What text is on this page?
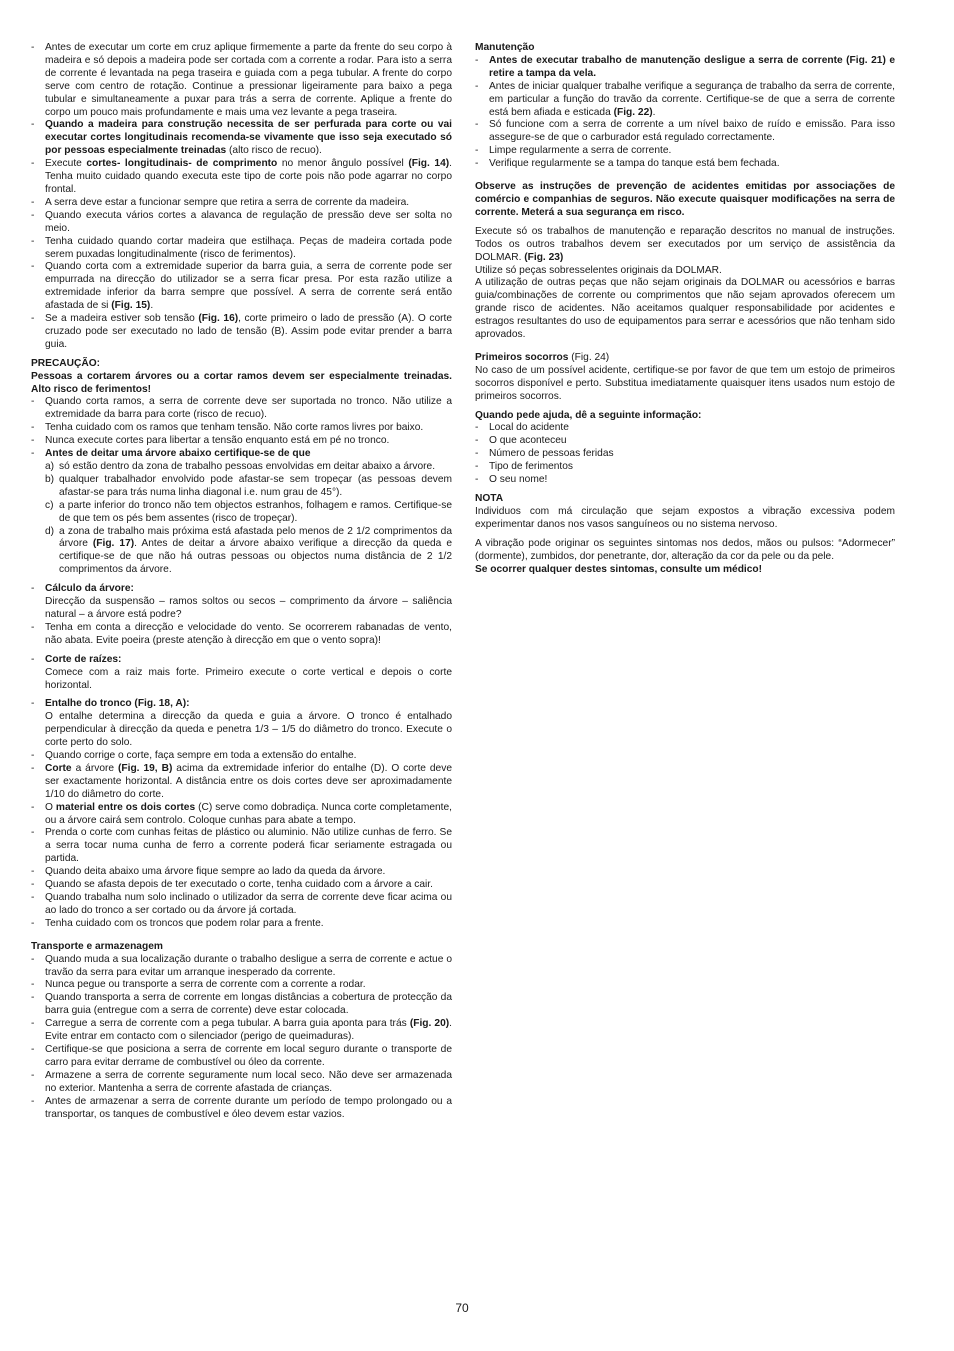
-	Antes de executar um corte em cruz aplique firmemente a parte da frente do seu corpo à madeira e só depois a madeira pode ser cortada com a corrente a rodar. Para isto a serra de corrente é levantada na pega traseira e guiada com a pega tubular. A frente do corpo serve com centro de rotação. Continue a pressionar ligeiramente para baixo a pega tubular e simultaneamente a puxar para trás a serra de corrente. Aplique a frente do corpo um pouco mais profundamente e mais uma vez levante a pega traseira.
-	Quando a madeira para construção necessita de ser perfurada para corte ou vai executar cortes longitudinais recomenda-se vivamente que isso seja executado só por pessoas especialmente treinadas (alto risco de recuo).
-	Execute cortes- longitudinais- de comprimento no menor ângulo possível (Fig. 14). Tenha muito cuidado quando executa este tipo de corte pois não pode agarrar no corpo frontal.
-	A serra deve estar a funcionar sempre que retira a serra de corrente da madeira.
-	Quando executa vários cortes a alavanca de regulação de pressão deve ser solta no meio.
-	Tenha cuidado quando cortar madeira que estilhaça. Peças de madeira cortada pode serem puxadas longitudinalmente (risco de ferimentos).
-	Quando corta com a extremidade superior da barra guia, a serra de corrente pode ser empurrada na direcção do utilizador se a serra ficar presa. Por esta razão utilize a extremidade inferior da barra sempre que possível. A serra de corrente será então afastada de si (Fig. 15).
-	Se a madeira estiver sob tensão (Fig. 16), corte primeiro o lado de pressão (A). O corte cruzado pode ser executado no lado de tensão (B). Assim pode evitar prender a barra guia.
PRECAUÇÃO:
Pessoas a cortarem árvores ou a cortar ramos devem ser especialmente treinadas. Alto risco de ferimentos!
-	Quando corta ramos, a serra de corrente deve ser suportada no tronco. Não utilize a extremidade da barra para corte (risco de recuo).
-	Tenha cuidado com os ramos que tenham tensão. Não corte ramos livres por baixo.
-	Nunca execute cortes para libertar a tensão enquanto está em pé no tronco.
-	Antes de deitar uma árvore abaixo certifique-se de que
a) só estão dentro da zona de trabalho pessoas envolvidas em deitar abaixo a árvore.
b) qualquer trabalhador envolvido pode afastar-se sem tropeçar (as pessoas devem afastar-se para trás numa linha diagonal i.e. num grau de 45°).
c) a parte inferior do tronco não tem objectos estranhos, folhagem e ramos. Certifique-se de que tem os pés bem assentes (risco de tropeçar).
d) a zona de trabalho mais próxima está afastada pelo menos de 2 1/2 comprimentos da árvore (Fig. 17). Antes de deitar a árvore abaixo verifique a direcção da queda e certifique-se de que não há outras pessoas ou objectos numa distância de 2 1/2 comprimentos da árvore.
-	Cálculo da árvore:
Direcção da suspensão – ramos soltos ou secos – comprimento da árvore – saliência natural – a árvore está podre?
-	Tenha em conta a direcção e velocidade do vento. Se ocorrerem rabanadas de vento, não abata. Evite poeira (preste atenção à direcção em que o vento sopra)!
-	Corte de raízes:
Comece com a raiz mais forte. Primeiro execute o corte vertical e depois o corte horizontal.
-	Entalhe do tronco (Fig. 18, A):
O entalhe determina a direcção da queda e guia a árvore. O tronco é entalhado perpendicular à direcção da queda e penetra 1/3 – 1/5 do diâmetro do tronco. Execute o corte perto do solo.
-	Quando corrige o corte, faça sempre em toda a extensão do entalhe.
-	Corte a árvore (Fig. 19, B) acima da extremidade inferior do entalhe (D). O corte deve ser exactamente horizontal. A distância entre os dois cortes deve ser aproximadamente 1/10 do diâmetro do corte.
-	O material entre os dois cortes (C) serve como dobradiça. Nunca corte completamente, ou a árvore cairá sem controlo. Coloque cunhas para abate a tempo.
-	Prenda o corte com cunhas feitas de plástico ou aluminio. Não utilize cunhas de ferro. Se a serra tocar numa cunha de ferro a corrente poderá ficar seriamente estragada ou partida.
-	Quando deita abaixo uma árvore fique sempre ao lado da queda da árvore.
-	Quando se afasta depois de ter executado o corte, tenha cuidado com a árvore a cair.
-	Quando trabalha num solo inclinado o utilizador da serra de corrente deve ficar acima ou ao lado do tronco a ser cortado ou da árvore já cortada.
-	Tenha cuidado com os troncos que podem rolar para a frente.
Transporte e armazenagem
-	Quando muda a sua localização durante o trabalho desligue a serra de corrente e actue o travão da serra para evitar um arranque inesperado da corrente.
-	Nunca pegue ou transporte a serra de corrente com a corrente a rodar.
-	Quando transporta a serra de corrente em longas distâncias a cobertura de protecção da barra guia (entregue com a serra de corrente) deve estar colocada.
-	Carregue a serra de corrente com a pega tubular. A barra guia aponta para trás (Fig. 20). Evite entrar em contacto com o silenciador (perigo de queimaduras).
-	Certifique-se que posiciona a serra de corrente em local seguro durante o transporte de carro para evitar derrame de combustível ou óleo da corrente.
-	Armazene a serra de corrente seguramente num local seco. Não deve ser armazenada no exterior. Mantenha a serra de corrente afastada de crianças.
-	Antes de armazenar a serra de corrente durante um período de tempo prolongado ou a transportar, os tanques de combustível e óleo devem estar vazios.
Manutenção
-	Antes de executar trabalho de manutenção desligue a serra de corrente (Fig. 21) e retire a tampa da vela.
-	Antes de iniciar qualquer trabalhe verifique a segurança de trabalho da serra de corrente, em particular a função do travão da corrente. Certifique-se de que a serra de corrente está bem afiada e esticada (Fig. 22).
-	Só funcione com a serra de corrente a um nível baixo de ruído e emissão. Para isso assegure-se de que o carburador está regulado correctamente.
-	Limpe regularmente a serra de corrente.
-	Verifique regularmente se a tampa do tanque está bem fechada.
Observe as instruções de prevenção de acidentes emitidas por associações de comércio e companhias de seguros. Não execute quaisquer modificações na serra de corrente. Meterá a sua segurança em risco.
Execute só os trabalhos de manutenção e reparação descritos no manual de instruções. Todos os outros trabalhos devem ser executados por um serviço de assistência da DOLMAR. (Fig. 23)
Utilize só peças sobresselentes originais da DOLMAR.
A utilização de outras peças que não sejam originais da DOLMAR ou acessórios e barras guia/combinações de corrente ou comprimentos que não sejam aprovados oferecem um grande risco de acidentes. Não aceitamos qualquer responsabilidade por acidentes e estragos resultantes do uso de equipamentos para serrar e acessórios que não tenham sido aprovados.
Primeiros socorros (Fig. 24)
No caso de um possível acidente, certifique-se por favor de que tem um estojo de primeiros socorros disponível e perto. Substitua imediatamente quaisquer itens usados num estojo de primeiros socorros.
Quando pede ajuda, dê a seguinte informação:
-	Local do acidente
-	O que aconteceu
-	Número de pessoas feridas
-	Tipo de ferimentos
-	O seu nome!
NOTA
Individuos com má circulação que sejam expostos a vibração excessiva podem experimentar danos nos vasos sanguíneos ou no sistema nervoso.
A vibração pode originar os seguintes sintomas nos dedos, mãos ou pulsos: “Adormecer” (dormente), zumbidos, dor penetrante, dor, alteração da cor da pele ou da pele.
Se ocorrer qualquer destes sintomas, consulte um médico!
70
